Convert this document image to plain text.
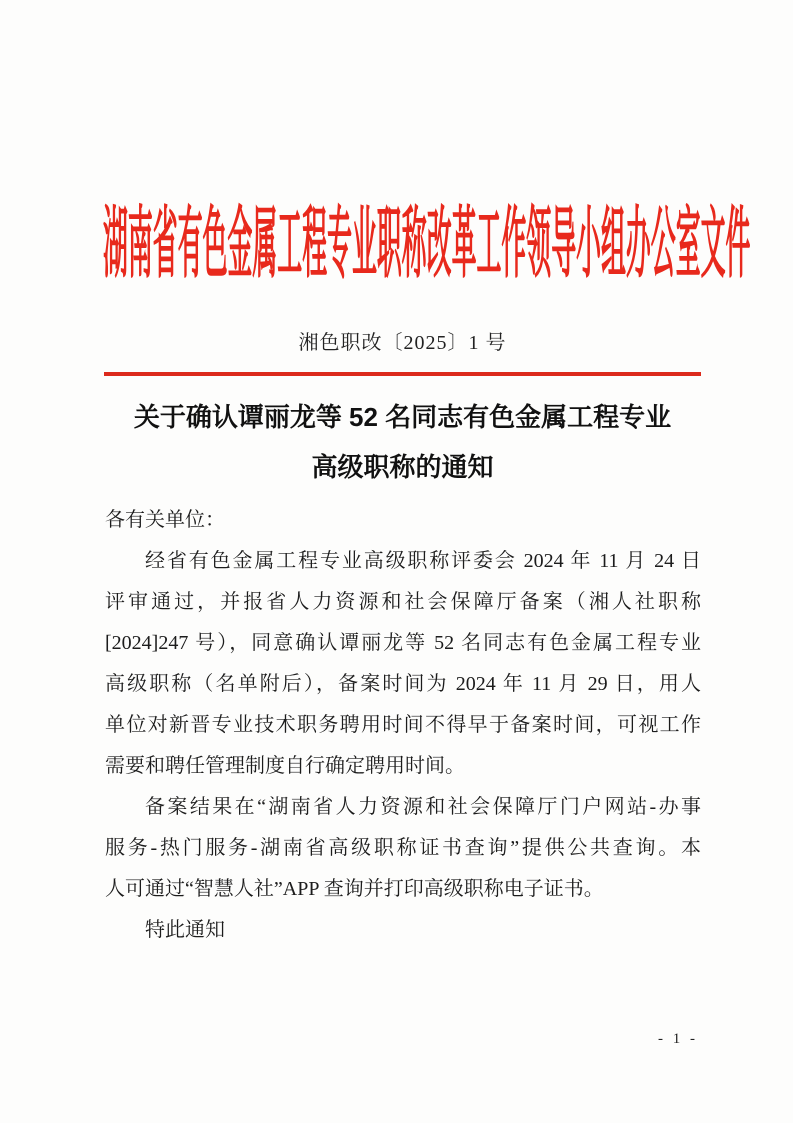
湖南省有色金属工程专业职称改革工作领导小组办公室文件
湘色职改〔2025〕1 号
关于确认谭丽龙等 52 名同志有色金属工程专业
高级职称的通知
各有关单位：
经省有色金属工程专业高级职称评委会 2024 年 11 月 24 日
评审通过，并报省人力资源和社会保障厅备案（湘人社职称
[2024]247 号），同意确认谭丽龙等 52 名同志有色金属工程专业
高级职称（名单附后），备案时间为 2024 年 11 月 29 日，用人
单位对新晋专业技术职务聘用时间不得早于备案时间，可视工作
需要和聘任管理制度自行确定聘用时间。
备案结果在“湖南省人力资源和社会保障厅门户网站-办事
服务-热门服务-湖南省高级职称证书查询”提供公共查询。本
人可通过“智慧人社”APP 查询并打印高级职称电子证书。
特此通知
- 1 -
